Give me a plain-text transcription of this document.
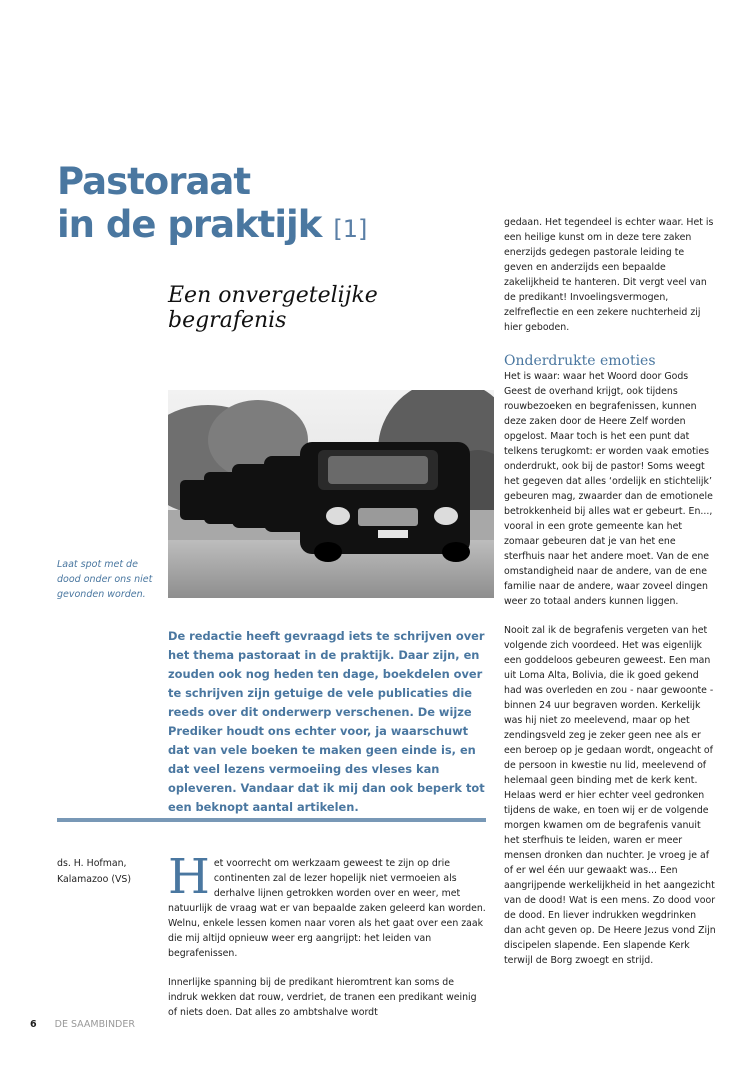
Pastoraat
in de praktijk [1]
Een onvergetelijke begrafenis

Laat spot met de dood onder ons niet gevonden worden.

De redactie heeft gevraagd iets te schrijven over het thema pastoraat in de praktijk. Daar zijn, en zouden ook nog heden ten dage, boekdelen over te schrijven zijn getuige de vele publicaties die reeds over dit onderwerp verschenen. De wijze Prediker houdt ons echter voor, ja waarschuwt dat van vele boeken te maken geen einde is, en dat veel lezens vermoeiing des vleses kan opleveren. Vandaar dat ik mij dan ook beperk tot een beknopt aantal artikelen.

ds. H. Hofman,
Kalamazoo (VS) Het voorrecht om werkzaam geweest te zijn op drie continenten zal de lezer hopelijk niet vermoeien als derhalve lijnen getrokken worden over en weer, met natuurlijk de vraag wat er van bepaalde zaken geleerd kan worden. Welnu, enkele lessen komen naar voren als het gaat over een zaak die mij altijd opnieuw weer erg aangrijpt: het leiden van begrafenissen.

Innerlijke spanning bij de predikant hieromtrent kan soms de indruk wekken dat rouw, verdriet, de tranen een predikant weinig of niets doen. Dat alles zo ambtshalve wordt

gedaan. Het tegendeel is echter waar. Het is een heilige kunst om in deze tere zaken enerzijds gedegen pastorale leiding te geven en anderzijds een bepaalde zakelijkheid te hanteren. Dit vergt veel van de predikant! Invoelingsvermogen, zelfreflectie en een zekere nuchterheid zij hier geboden.

Onderdrukte emoties

Het is waar: waar het Woord door Gods Geest de overhand krijgt, ook tijdens rouwbezoeken en begrafenissen, kunnen deze zaken door de Heere Zelf worden opgelost. Maar toch is het een punt dat telkens terugkomt: er worden vaak emoties onderdrukt, ook bij de pastor! Soms weegt het gegeven dat alles ‘ordelijk en stichtelijk’ gebeuren mag, zwaarder dan de emotionele betrokkenheid bij alles wat er gebeurt. En..., vooral in een grote gemeente kan het zomaar gebeuren dat je van het ene sterfhuis naar het andere moet. Van de ene omstandigheid naar de andere, van de ene familie naar de andere, waar zoveel dingen weer zo totaal anders kunnen liggen.

Nooit zal ik de begrafenis vergeten van het volgende zich voordeed. Het was eigenlijk een goddeloos gebeuren geweest. Een man uit Loma Alta, Bolivia, die ik goed gekend had was overleden en zou - naar gewoonte - binnen 24 uur begraven worden. Kerkelijk was hij niet zo meelevend, maar op het zendingsveld zeg je zeker geen nee als er een beroep op je gedaan wordt, ongeacht of de persoon in kwestie nu lid, meelevend of helemaal geen binding met de kerk kent.

Helaas werd er hier echter veel gedronken tijdens de wake, en toen wij er de volgende morgen kwamen om de begrafenis vanuit het sterfhuis te leiden, waren er meer mensen dronken dan nuchter. Je vroeg je af of er wel één uur gewaakt was... Een aangrijpende werkelijkheid in het aangezicht van de dood! Wat is een mens. Zo dood voor de dood. En liever indrukken wegdrinken dan acht geven op. De Heere Jezus vond Zijn discipelen slapende. Een slapende Kerk terwijl de Borg zwoegt en strijd.

6 DE SAAMBINDER
